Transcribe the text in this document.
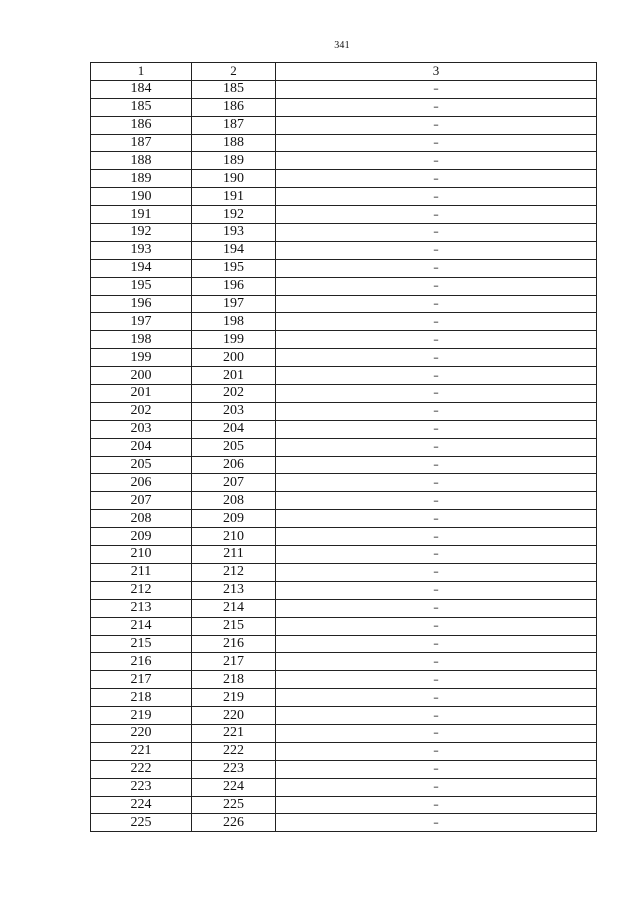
341
1	2	3
184	185	–
185	186	–
186	187	–
187	188	–
188	189	–
189	190	–
190	191	–
191	192	–
192	193	–
193	194	–
194	195	–
195	196	–
196	197	–
197	198	–
198	199	–
199	200	–
200	201	–
201	202	–
202	203	–
203	204	–
204	205	–
205	206	–
206	207	–
207	208	–
208	209	–
209	210	–
210	211	–
211	212	–
212	213	–
213	214	–
214	215	–
215	216	–
216	217	–
217	218	–
218	219	–
219	220	–
220	221	–
221	222	–
222	223	–
223	224	–
224	225	–
225	226	–
